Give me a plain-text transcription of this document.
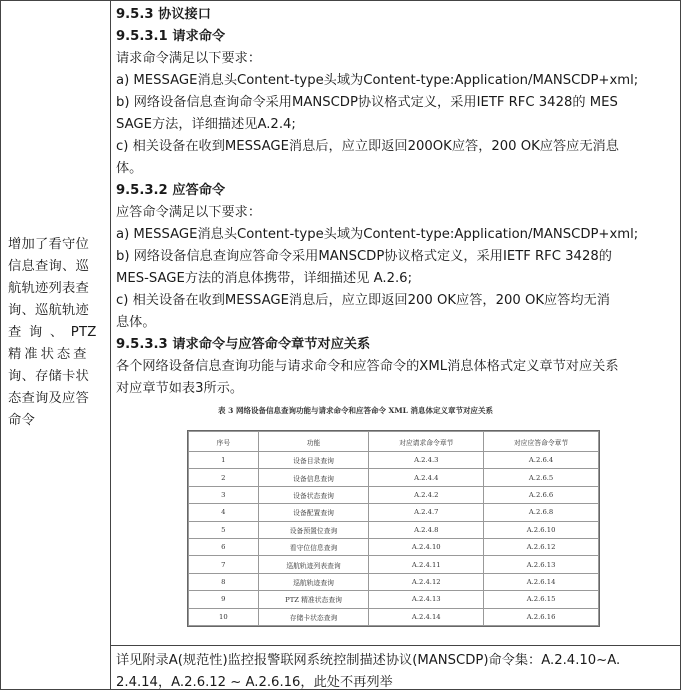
增加了看守位
信息查询、巡
航轨迹列表查
询、巡航轨迹
查 询 、 PTZ
精准状态查
询、存储卡状
态查询及应答
命令
9.5.3 协议接口
9.5.3.1 请求命令
请求命令满足以下要求：
a) MESSAGE消息头Content-type头域为Content-type:Application/MANSCDP+xml;
b) 网络设备信息查询命令采用MANSCDP协议格式定义，采用IETF RFC 3428的 MES
SAGE方法，详细描述见A.2.4;
c) 相关设备在收到MESSAGE消息后，应立即返回200OK应答，200 OK应答应无消息
体。
9.5.3.2 应答命令
应答命令满足以下要求：
a) MESSAGE消息头Content-type头域为Content-type:Application/MANSCDP+xml;
b) 网络设备信息查询应答命令采用MANSCDP协议格式定义，采用IETF RFC 3428的
MES-SAGE方法的消息体携带，详细描述见 A.2.6;
c) 相关设备在收到MESSAGE消息后，应立即返回200 OK应答，200 OK应答均无消
息体。
9.5.3.3 请求命令与应答命令章节对应关系
各个网络设备信息查询功能与请求命令和应答命令的XML消息体格式定义章节对应关系
对应章节如表3所示。
表 3 网络设备信息查询功能与请求命令和应答命令 XML 消息体定义章节对应关系
序号	功能	对应请求命令章节	对应应答命令章节
1	设备目录查询	A.2.4.3	A.2.6.4
2	设备信息查询	A.2.4.4	A.2.6.5
3	设备状态查询	A.2.4.2	A.2.6.6
4	设备配置查询	A.2.4.7	A.2.6.8
5	设备预置位查询	A.2.4.8	A.2.6.10
6	看守位信息查询	A.2.4.10	A.2.6.12
7	巡航轨迹列表查询	A.2.4.11	A.2.6.13
8	巡航轨迹查询	A.2.4.12	A.2.6.14
9	PTZ 精准状态查询	A.2.4.13	A.2.6.15
10	存储卡状态查询	A.2.4.14	A.2.6.16
详见附录A(规范性)监控报警联网系统控制描述协议(MANSCDP)命令集：A.2.4.10~A.
2.4.14，A.2.6.12 ~ A.2.6.16，此处不再列举
